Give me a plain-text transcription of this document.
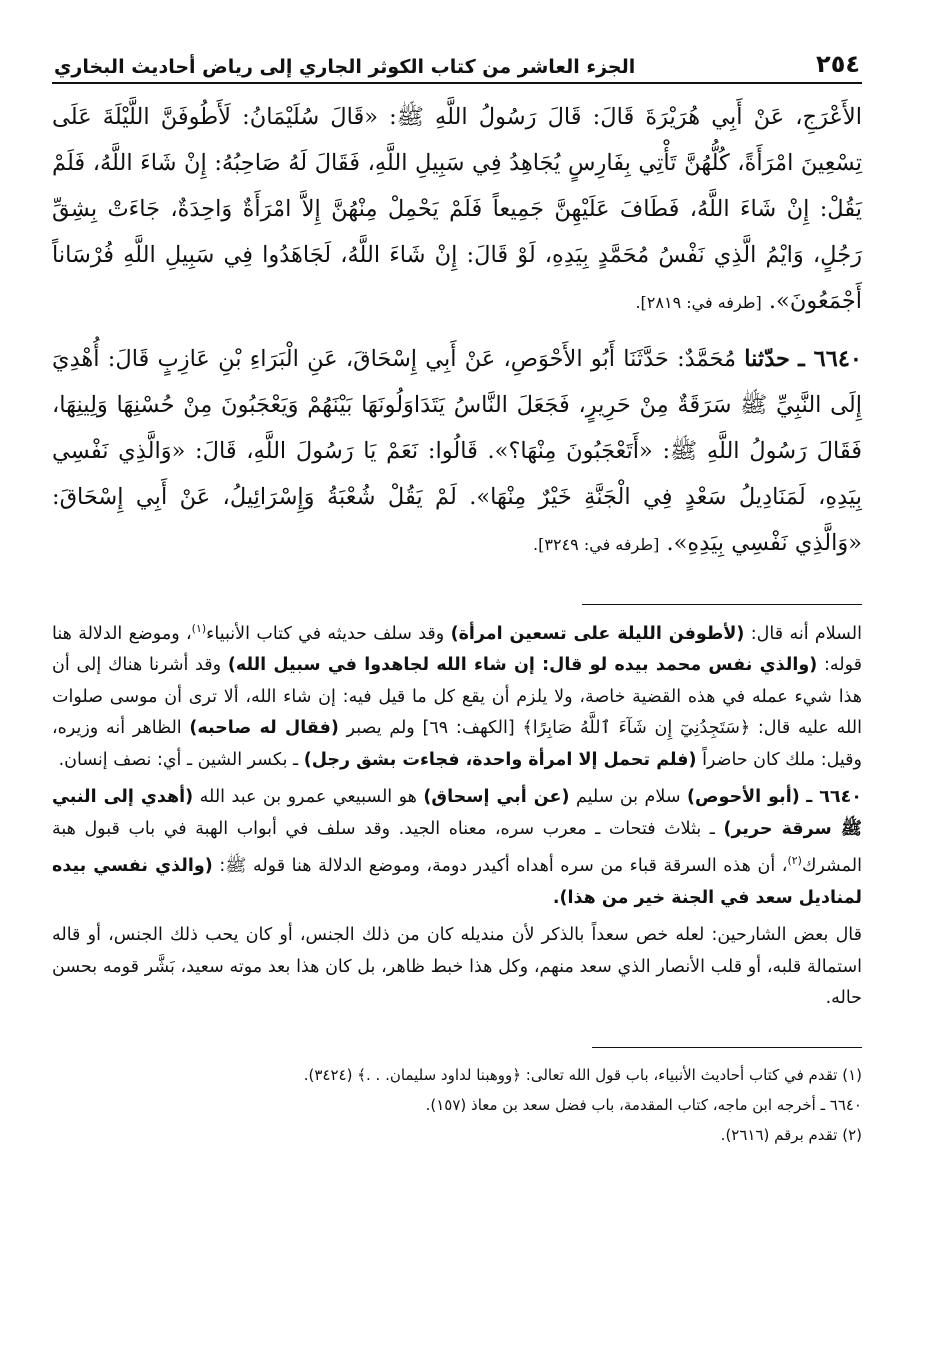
٢٥٤
الجزء العاشر من كتاب الكوثر الجاري إلى رياض أحاديث البخاري

الأَعْرَجِ، عَنْ أَبِي هُرَيْرَةَ قَالَ: قَالَ رَسُولُ اللَّهِ ﷺ: «قَالَ سُلَيْمَانُ: لَأَطُوفَنَّ اللَّيْلَةَ عَلَى تِسْعِينَ امْرَأَةً، كُلُّهُنَّ تَأْتِي بِفَارِسٍ يُجَاهِدُ فِي سَبِيلِ اللَّهِ، فَقَالَ لَهُ صَاحِبُهُ: إِنْ شَاءَ اللَّهُ، فَلَمْ يَقُلْ: إِنْ شَاءَ اللَّهُ، فَطَافَ عَلَيْهِنَّ جَمِيعاً فَلَمْ يَحْمِلْ مِنْهُنَّ إِلاَّ امْرَأَةٌ وَاحِدَةٌ، جَاءَتْ بِشِقِّ رَجُلٍ، وَايْمُ الَّذِي نَفْسُ مُحَمَّدٍ بِيَدِهِ، لَوْ قَالَ: إِنْ شَاءَ اللَّهُ، لَجَاهَدُوا فِي سَبِيلِ اللَّهِ فُرْسَاناً أَجْمَعُونَ». [طرفه في: ٢٨١٩].

٦٦٤٠ ـ حدّثنا مُحَمَّدٌ: حَدَّثَنَا أَبُو الأَحْوَصِ، عَنْ أَبِي إِسْحَاقَ، عَنِ الْبَرَاءِ بْنِ عَازِبٍ قَالَ: أُهْدِيَ إِلَى النَّبِيِّ ﷺ سَرَقَةٌ مِنْ حَرِيرٍ، فَجَعَلَ النَّاسُ يَتَدَاوَلُونَهَا بَيْنَهُمْ وَيَعْجَبُونَ مِنْ حُسْنِهَا وَلِينِهَا، فَقَالَ رَسُولُ اللَّهِ ﷺ: «أَتَعْجَبُونَ مِنْهَا؟». قَالُوا: نَعَمْ يَا رَسُولَ اللَّهِ، قَالَ: «وَالَّذِي نَفْسِي بِيَدِهِ، لَمَنَادِيلُ سَعْدٍ فِي الْجَنَّةِ خَيْرٌ مِنْهَا». لَمْ يَقُلْ شُعْبَةُ وَإِسْرَائِيلُ، عَنْ أَبِي إِسْحَاقَ: «وَالَّذِي نَفْسِي بِيَدِهِ». [طرفه في: ٣٢٤٩].

السلام أنه قال: (لأطوفن الليلة على تسعين امرأة) وقد سلف حديثه في كتاب الأنبياء$^{(١)}$، وموضع الدلالة هنا قوله: (والذي نفس محمد بيده لو قال: إن شاء الله لجاهدوا في سبيل الله) وقد أشرنا هناك إلى أن هذا شيء عمله في هذه القضية خاصة، ولا يلزم أن يقع كل ما قيل فيه: إن شاء الله، ألا ترى أن موسى صلوات الله عليه قال: ﴿سَتَجِدُنِيٓ إِن شَآءَ ٱللَّهُ صَابِرًا﴾ [الكهف: ٦٩] ولم يصبر (فقال له صاحبه) الظاهر أنه وزيره، وقيل: ملك كان حاضراً (فلم تحمل إلا امرأة واحدة، فجاءت بشق رجل) ـ بكسر الشين ـ أي: نصف إنسان.

٦٦٤٠ ـ (أبو الأحوص) سلام بن سليم (عن أبي إسحاق) هو السبيعي عمرو بن عبد الله (أهدي إلى النبي ﷺ سرقة حرير) ـ بثلاث فتحات ـ معرب سره، معناه الجيد. وقد سلف في أبواب الهبة في باب قبول هبة المشرك$^{(٢)}$، أن هذه السرقة قباء من سره أهداه أكيدر دومة، وموضع الدلالة هنا قوله ﷺ: (والذي نفسي بيده لمناديل سعد في الجنة خير من هذا).

قال بعض الشارحين: لعله خص سعداً بالذكر لأن منديله كان من ذلك الجنس، أو كان يحب ذلك الجنس، أو قاله استمالة قلبه، أو قلب الأنصار الذي سعد منهم، وكل هذا خبط ظاهر، بل كان هذا بعد موته سعيد، بَشَّر قومه بحسن حاله.

(١) تقدم في كتاب أحاديث الأنبياء، باب قول الله تعالى: ﴿ووهبنا لداود سليمان. . .﴾ (٣٤٢٤).

٦٦٤٠ ـ أخرجه ابن ماجه، كتاب المقدمة، باب فضل سعد بن معاذ (١٥٧).

(٢) تقدم برقم (٢٦١٦).
